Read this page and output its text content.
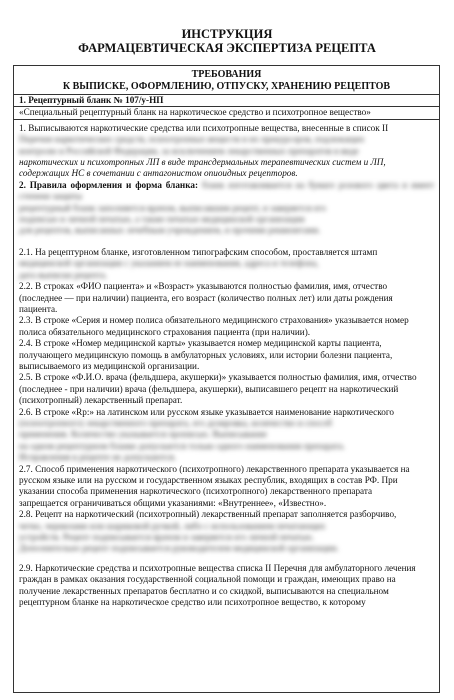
ИНСТРУКЦИЯ
ФАРМАЦЕВТИЧЕСКАЯ ЭКСПЕРТИЗА РЕЦЕПТА
ТРЕБОВАНИЯ
К ВЫПИСКЕ, ОФОРМЛЕНИЮ, ОТПУСКУ, ХРАНЕНИЮ РЕЦЕПТОВ
1. Рецептурный бланк № 107/у-НП
«Специальный рецептурный бланк на наркотическое средство и психотропное вещество»
1. Выписываются наркотические средства или психотропные вещества, внесенные в список II
Перечня наркотических средств, психотропных веществ и их прекурсоров, подлежащих
контролю в Российской Федерации, за исключением лекарственных препаратов в виде
наркотических и психотропных ЛП в виде трансдермальных терапевтических систем и ЛП,
содержащих НС в сочетании с антагонистом опиоидных рецепторов.
2. Правила оформления и форма бланка: бланк изготавливается на бумаге розового цвета и имеет степени защиты
рецептурный бланк заполняется врачом, выписавшим рецепт, и заверяется его
подписью и личной печатью, а также печатью медицинской организации
для рецептов, выписанных лечебным учреждением, и прочими реквизитами.
2.1. На рецептурном бланке, изготовленном типографским способом, проставляется штамп
медицинской организации с указанием ее наименования, адреса и телефона,
дата выписки рецепта.
2.2. В строках «ФИО пациента» и «Возраст» указываются полностью фамилия, имя, отчество
(последнее — при наличии) пациента, его возраст (количество полных лет) или даты рождения
пациента.
2.3. В строке «Серия и номер полиса обязательного медицинского страхования» указывается номер
полиса обязательного медицинского страхования пациента (при наличии).
2.4. В строке «Номер медицинской карты» указывается номер медицинской карты пациента,
получающего медицинскую помощь в амбулаторных условиях, или истории болезни пациента,
выписываемого из медицинской организации.
2.5. В строке «Ф.И.О. врача (фельдшера, акушерки)» указывается полностью фамилия, имя, отчество
(последнее - при наличии) врача (фельдшера, акушерки), выписавшего рецепт на наркотический
(психотропный) лекарственный препарат.
2.6. В строке «Rp:» на латинском или русском языке указывается наименование наркотического
(психотропного) лекарственного препарата, его дозировка, количество и способ
применения. Количество указывается прописью. Выписывание
на одном рецептурном бланке допускается только одного наименования препарата.
Исправления в рецепте не допускаются.
2.7. Способ применения наркотического (психотропного) лекарственного препарата указывается на
русском языке или на русском и государственном языках республик, входящих в состав РФ. При
указании способа применения наркотического (психотропного) лекарственного препарата
запрещается ограничиваться общими указаниями: «Внутреннее», «Известно».
2.8. Рецепт на наркотический (психотропный) лекарственный препарат заполняется разборчиво,
четко, чернилами или шариковой ручкой, либо с использованием печатающих
устройств. Рецепт подписывается врачом и заверяется его личной печатью.
Дополнительно рецепт подписывается руководителем медицинской организации.
2.9. Наркотические средства и психотропные вещества списка II Перечня для амбулаторного лечения
граждан в рамках оказания государственной социальной помощи и граждан, имеющих право на
получение лекарственных препаратов бесплатно и со скидкой, выписываются на специальном
рецептурном бланке на наркотическое средство или психотропное вещество, к которому
